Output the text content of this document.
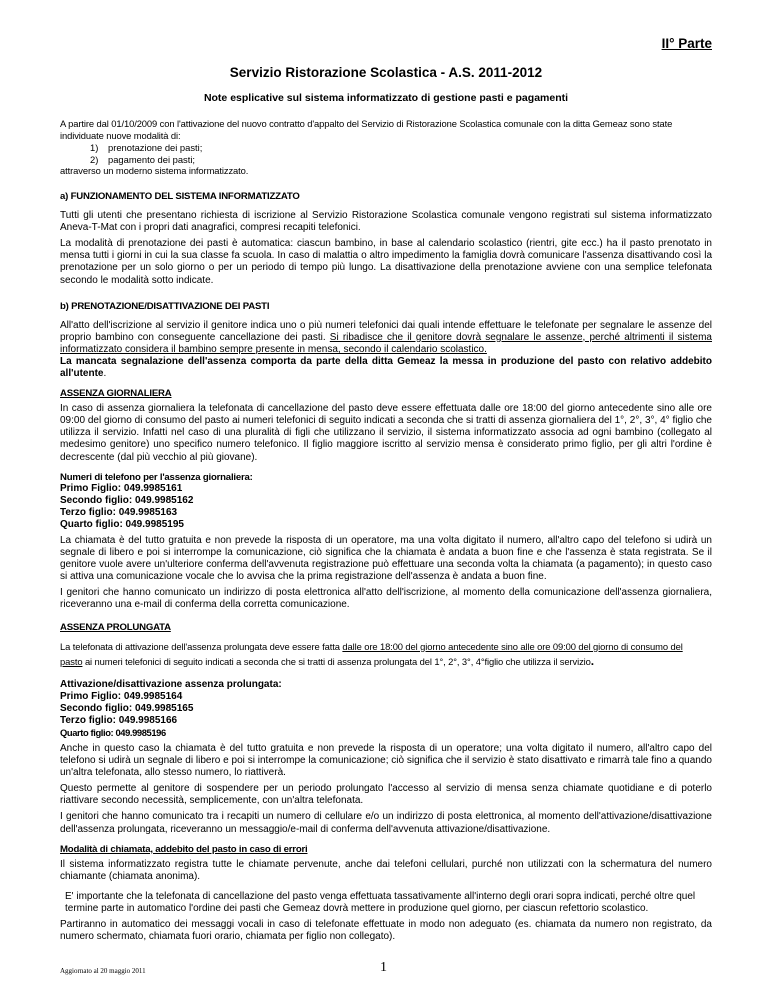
II° Parte
Servizio Ristorazione Scolastica - A.S. 2011-2012
Note esplicative sul sistema informatizzato di gestione pasti e pagamenti

A partire dal 01/10/2009 con l'attivazione del nuovo contratto d'appalto del Servizio di Ristorazione Scolastica comunale con la ditta Gemeaz sono state individuate nuove modalità di:

1) prenotazione dei pasti;
2) pagamento dei pasti;

attraverso un moderno sistema informatizzato.

a) FUNZIONAMENTO DEL SISTEMA INFORMATIZZATO

Tutti gli utenti che presentano richiesta di iscrizione al Servizio Ristorazione Scolastica comunale vengono registrati sul sistema informatizzato Aneva-T-Mat con i propri dati anagrafici, compresi recapiti telefonici.

La modalità di prenotazione dei pasti è automatica: ciascun bambino, in base al calendario scolastico (rientri, gite ecc.) ha il pasto prenotato in mensa tutti i giorni in cui la sua classe fa scuola. In caso di malattia o altro impedimento la famiglia dovrà comunicare l'assenza disattivando così la prenotazione per un solo giorno o per un periodo di tempo più lungo. La disattivazione della prenotazione avviene con una semplice telefonata secondo le modalità sotto indicate.

b) PRENOTAZIONE/DISATTIVAZIONE DEI PASTI

All'atto dell'iscrizione al servizio il genitore indica uno o più numeri telefonici dai quali intende effettuare le telefonate per segnalare le assenze del proprio bambino con conseguente cancellazione dei pasti. Si ribadisce che il genitore dovrà segnalare le assenze, perché altrimenti il sistema informatizzato considera il bambino sempre presente in mensa, secondo il calendario scolastico.

La mancata segnalazione dell'assenza comporta da parte della ditta Gemeaz la messa in produzione del pasto con relativo addebito all'utente.

ASSENZA GIORNALIERA

In caso di assenza giornaliera la telefonata di cancellazione del pasto deve essere effettuata dalle ore 18:00 del giorno antecedente sino alle ore 09:00 del giorno di consumo del pasto ai numeri telefonici di seguito indicati a seconda che si tratti di assenza giornaliera del 1°, 2°, 3°, 4° figlio che utilizza il servizio. Infatti nel caso di una pluralità di figli che utilizzano il servizio, il sistema informatizzato associa ad ogni bambino (collegato al medesimo genitore) uno specifico numero telefonico. Il figlio maggiore iscritto al servizio mensa è considerato primo figlio, per gli altri l'ordine è decrescente (dal più vecchio al più giovane).

Numeri di telefono per l'assenza giornaliera:
Primo Figlio: 049.9985161
Secondo figlio: 049.9985162
Terzo figlio: 049.9985163
Quarto figlio: 049.9985195

La chiamata è del tutto gratuita e non prevede la risposta di un operatore, ma una volta digitato il numero, all'altro capo del telefono si udirà un segnale di libero e poi si interrompe la comunicazione, ciò significa che la chiamata è andata a buon fine e che l'assenza è stata registrata. Se il genitore vuole avere un'ulteriore conferma dell'avvenuta registrazione può effettuare una seconda volta la chiamata (a pagamento); in questo caso si attiva una comunicazione vocale che lo avvisa che la prima registrazione dell'assenza è andata a buon fine.

I genitori che hanno comunicato un indirizzo di posta elettronica all'atto dell'iscrizione, al momento della comunicazione dell'assenza giornaliera, riceveranno una e-mail di conferma della corretta comunicazione.

ASSENZA PROLUNGATA

La telefonata di attivazione dell'assenza prolungata deve essere fatta dalle ore 18:00 del giorno antecedente sino alle ore 09:00 del giorno di consumo del

pasto ai numeri telefonici di seguito indicati a seconda che si tratti di assenza prolungata del 1°, 2°, 3°, 4°figlio che utilizza il servizio.

Attivazione/disattivazione assenza prolungata:
Primo Figlio: 049.9985164
Secondo figlio: 049.9985165
Terzo figlio: 049.9985166
Quarto figlio: 049.9985196

Anche in questo caso la chiamata è del tutto gratuita e non prevede la risposta di un operatore; una volta digitato il numero, all'altro capo del telefono si udirà un segnale di libero e poi si interrompe la comunicazione; ciò significa che il servizio è stato disattivato e rimarrà tale fino a quando un'altra telefonata, allo stesso numero, lo riattiverà.

Questo permette al genitore di sospendere per un periodo prolungato l'accesso al servizio di mensa senza chiamate quotidiane e di poterlo riattivare secondo necessità, semplicemente, con un'altra telefonata.

I genitori che hanno comunicato tra i recapiti un numero di cellulare e/o un indirizzo di posta elettronica, al momento dell'attivazione/disattivazione dell'assenza prolungata, riceveranno un messaggio/e-mail di conferma dell'avvenuta attivazione/disattivazione.

Modalità di chiamata, addebito del pasto in caso di errori

Il sistema informatizzato registra tutte le chiamate pervenute, anche dai telefoni cellulari, purché non utilizzati con la schermatura del numero chiamante (chiamata anonima).

E' importante che la telefonata di cancellazione del pasto venga effettuata tassativamente all'interno degli orari sopra indicati, perché oltre quel termine parte in automatico l'ordine dei pasti che Gemeaz dovrà mettere in produzione quel giorno, per ciascun refettorio scolastico.

Partiranno in automatico dei messaggi vocali in caso di telefonate effettuate in modo non adeguato (es. chiamata da numero non registrato, da numero schermato, chiamata fuori orario, chiamata per figlio non collegato).

Aggiornato al 20 maggio 2011	1
